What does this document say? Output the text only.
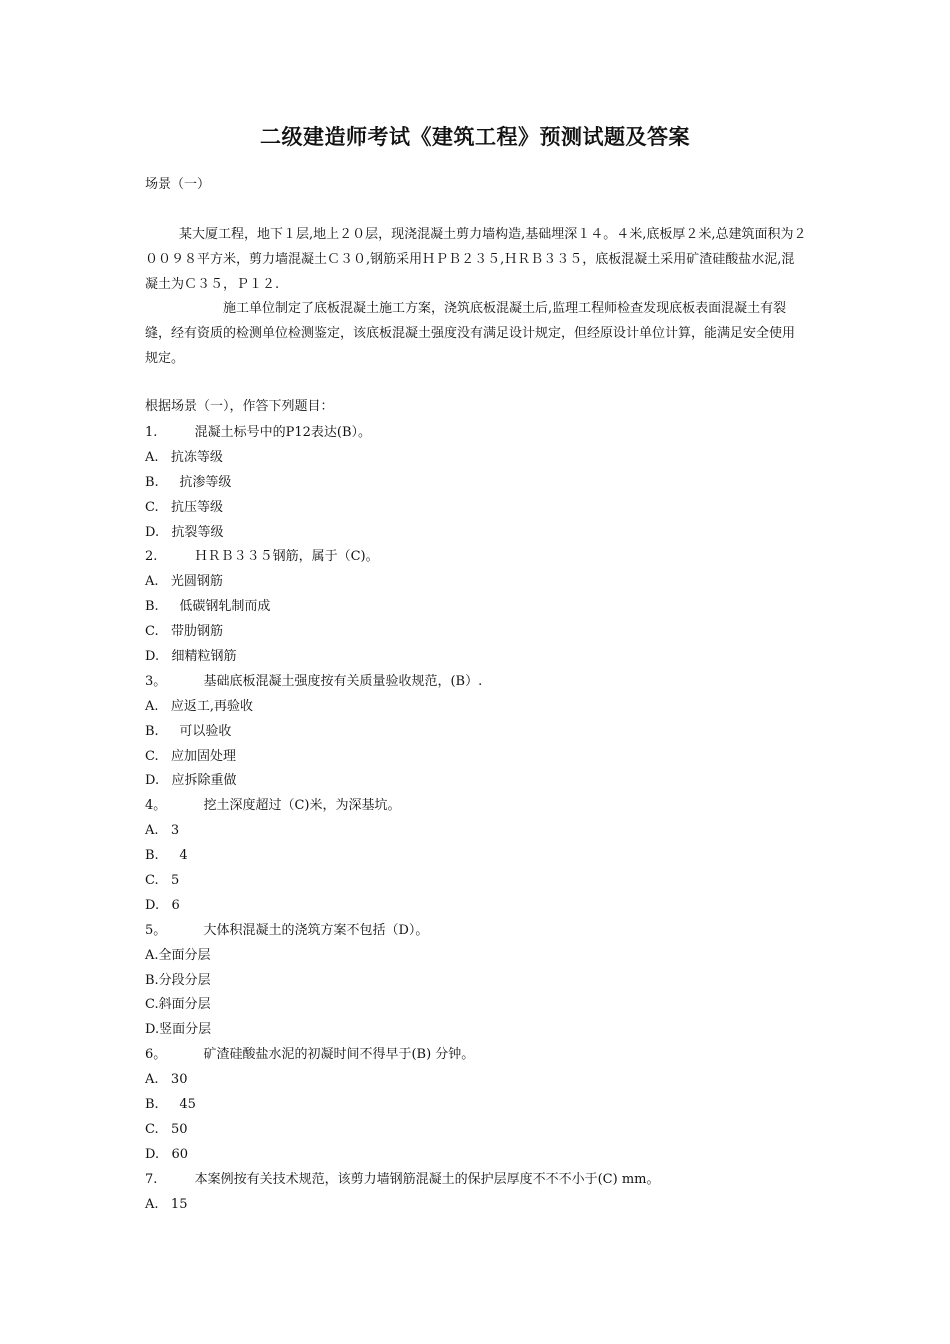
二级建造师考试《建筑工程》预测试题及答案
场景（一）

某大厦工程，地下１层,地上２０层，现浇混凝土剪力墙构造,基础埋深１４。４米,底板厚２米,总建筑面积为２００９８平方米，剪力墙混凝土Ｃ３０,钢筋采用ＨＰＢ２３５,ＨＲＢ３３５，底板混凝土采用矿渣硅酸盐水泥,混凝土为Ｃ３５，Ｐ１２.

施工单位制定了底板混凝土施工方案，浇筑底板混凝土后,监理工程师检查发现底板表面混凝土有裂缝，经有资质的检测单位检测鉴定，该底板混凝土强度没有满足设计规定，但经原设计单位计算，能满足安全使用规定。

根据场景（一），作答下列题目：
1.         混凝土标号中的P12表达(B）。
A.   抗冻等级
B.     抗渗等级
C.   抗压等级
D.   抗裂等级
2.         ＨＲＢ３３５钢筋，属于（C)。
A.   光圆钢筋
B.     低碳钢轧制而成
C.   带肋钢筋
D.   细精粒钢筋
3。         基础底板混凝土强度按有关质量验收规范，(B）.
A.   应返工,再验收
B.     可以验收
C.   应加固处理
D.   应拆除重做
4。         挖土深度超过（C)米，为深基坑。
A.   3
B.     4
C.   5
D.   6
5。         大体积混凝土的浇筑方案不包括（D）。
A.全面分层
B.分段分层
C.斜面分层
D.竖面分层
6。         矿渣硅酸盐水泥的初凝时间不得早于(B) 分钟。
A.   30
B.     45
C.   50
D.   60
7.         本案例按有关技术规范，该剪力墙钢筋混凝土的保护层厚度不不不小于(C) mm。
A.   15
